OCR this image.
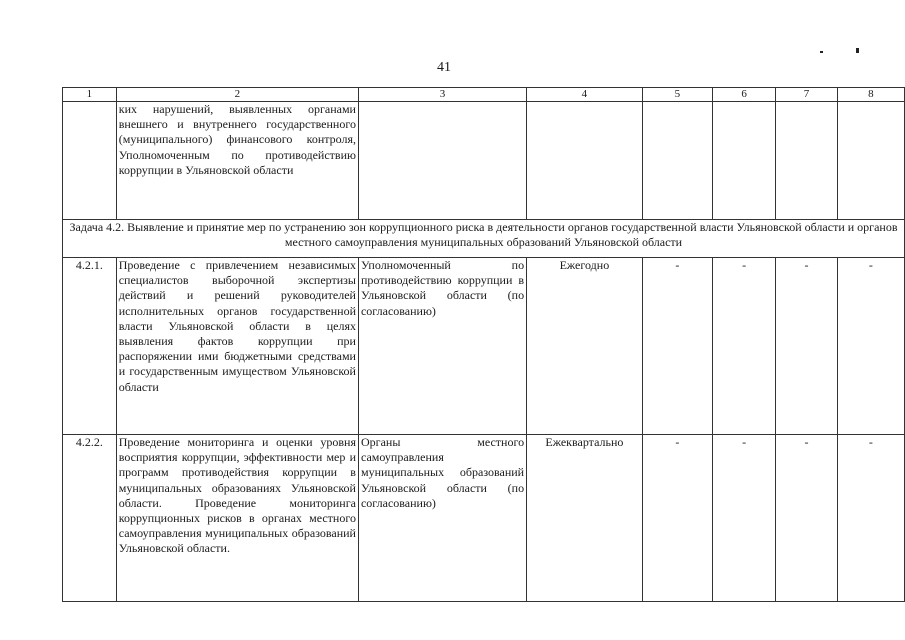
41
1	2	3	4	5	6	7	8
	ких нарушений, выявленных органами внешнего и внутреннего государственного (муниципального) финансового контроля, Уполномоченным по противодействию коррупции в Ульяновской области						
Задача 4.2. Выявление и принятие мер по устранению зон коррупционного риска в деятельности органов государственной власти Ульяновской области и органов местного самоуправления муниципальных образований Ульяновской области							
4.2.1.	Проведение с привлечением независимых специалистов выборочной экспертизы действий и решений руководителей исполнительных органов государственной власти Ульяновской области в целях выявления фактов коррупции при распоряжении ими бюджетными средствами и государственным имуществом Ульяновской области	Уполномоченный по противодействию коррупции в Ульяновской области (по согласованию)	Ежегодно	-	-	-	-
4.2.2.	Проведение мониторинга и оценки уровня восприятия коррупции, эффективности мер и программ противодействия коррупции в муниципальных образованиях Ульяновской области. Проведение мониторинга коррупционных рисков в органах местного самоуправления муниципальных образований Ульяновской области.	Органы местного самоуправления муниципальных образований Ульяновской области (по согласованию)	Ежеквартально	-	-	-	-
